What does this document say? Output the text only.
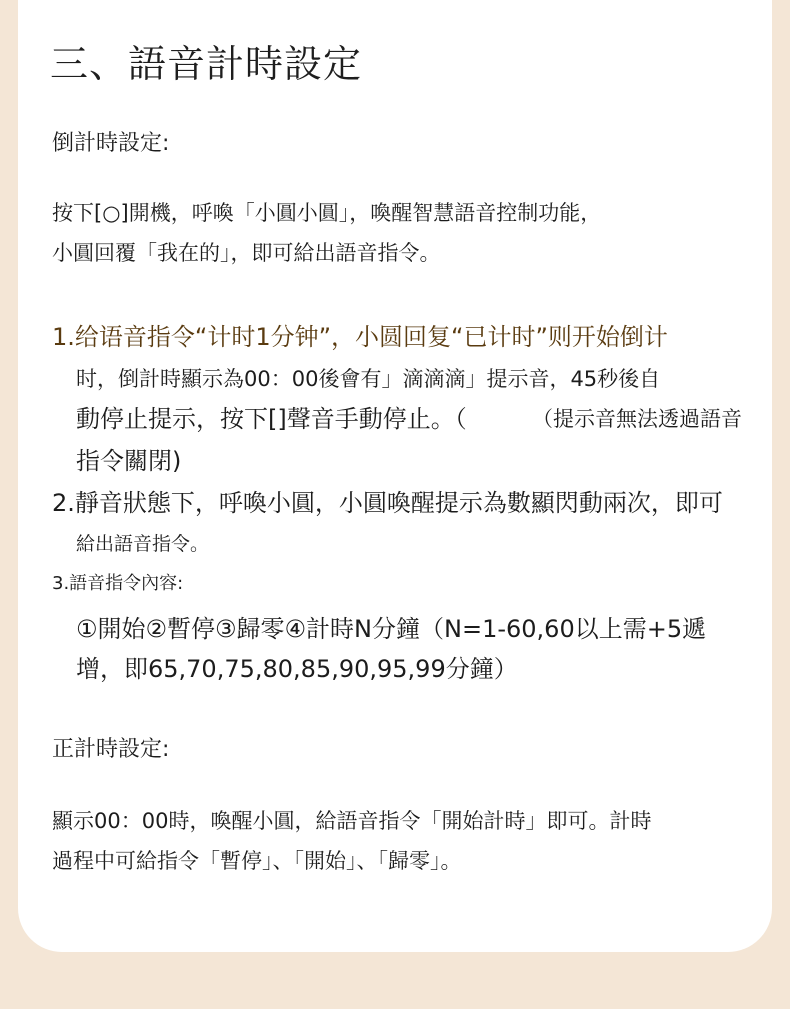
三、語音計時設定
倒計時設定:
按下[○]開機，呼喚「小圓小圓」，喚醒智慧語音控制功能，
小圓回覆「我在的」，即可給出語音指令。
1.给语音指令“计时1分钟”，小圆回复“已计时”则开始倒计
时，倒計時顯示為00：00後會有」滴滴滴」提示音，45秒後自
動停止提示，按下[]聲音手動停止。（	（提示音無法透過語音
指令關閉)
2.靜音狀態下，呼喚小圓，小圓喚醒提示為數顯閃動兩次，即可
給出語音指令。
3.語音指令內容:
①開始②暫停③歸零④計時N分鐘（N=1-60,60以上需+5遞
增，即65,70,75,80,85,90,95,99分鐘）
正計時設定:
顯示00：00時，喚醒小圓，給語音指令「開始計時」即可。計時
過程中可給指令「暫停」、「開始」、「歸零」。
